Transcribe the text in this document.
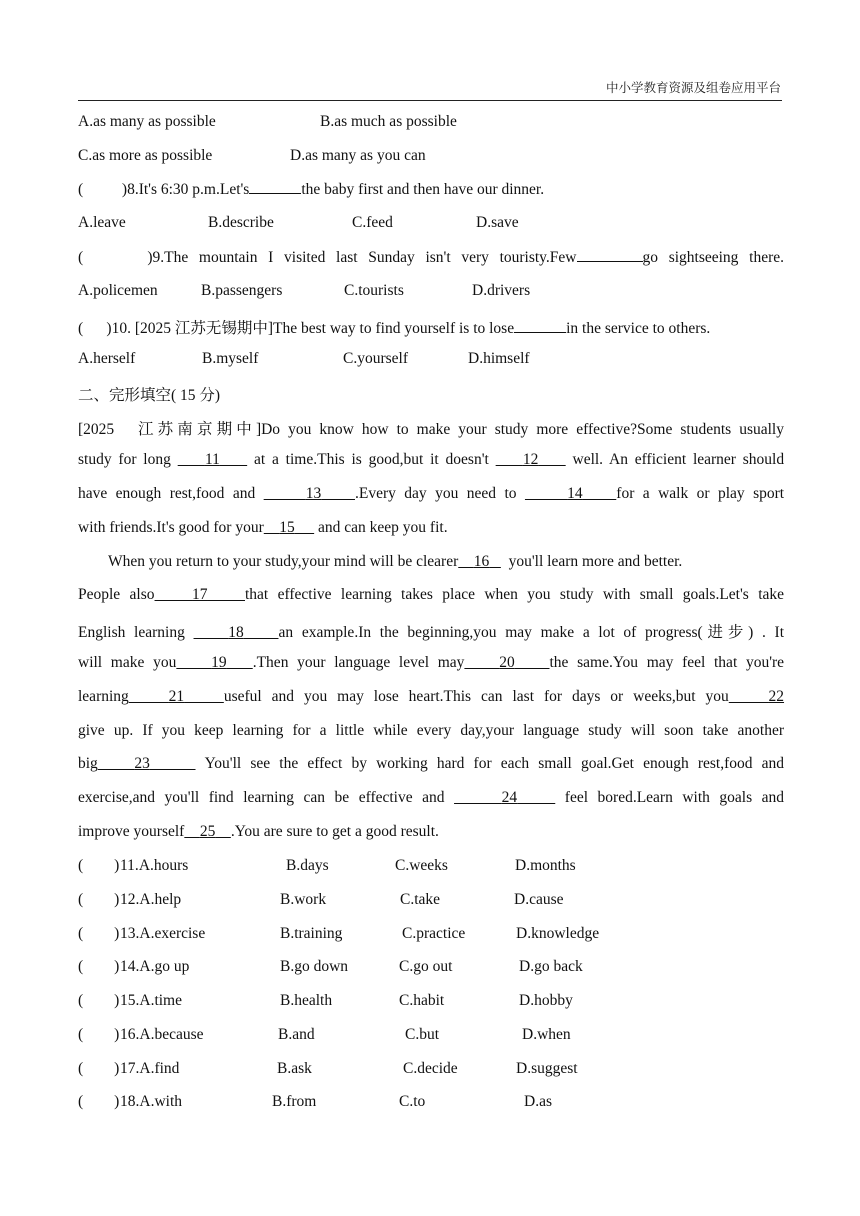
中小学教育资源及组卷应用平台
A.as many as possible	B.as much as possible
C.as more as possible	D.as many as you can
(          )8.It's 6:30 p.m.Let's	the baby first and then have our dinner.
A.leave	B.describe	C.feed	D.save
(      )9.The mountain I visited last Sunday isn't very touristy.Few	go sightseeing there.
A.policemen	B.passengers	C.tourists	D.drivers
(      )10. [2025 江苏无锡期中]The best way to find yourself is to lose	in the service to others.
A.herself	B.myself	C.yourself	D.himself
二、完形填空( 15 分)
[2025　江苏南京期中]Do you know how to make your study more effective?Some students usually
study for long 11 at a time.This is good,but it doesn't 12 well. An efficient learner should
have enough rest,food and	13 .Every day you need to	14 for a walk or play sport
with friends.It's good for your 15 and can keep you fit.
When you return to your study,your mind will be clearer 16 you'll learn more and better.
People also 17 that effective learning takes place when you study with small goals.Let's take
English learning	18 an example.In the beginning,you may make a lot of progress(进步) . It
will make you 19 .Then your language level may 20 the same.You may feel that you're
learning	21	useful and you may lose heart.This can last for days or weeks,but you	22
give up. If you keep learning for a little while every day,your language study will soon take another
big 23	You'll see the effect by working hard for each small goal.Get enough rest,food and
exercise,and you'll find learning can be effective and	24	feel bored.Learn with goals and
improve yourself 25 .You are sure to get a good result.
(        ) 11.A.hours	B.days	C.weeks	D.months
(        ) 12.A.help	B.work	C.take	D.cause
(        ) 13.A.exercise	B.training	C.practice	D.knowledge
(        ) 14.A.go up	B.go down	C.go out	D.go back
(        ) 15.A.time	B.health	C.habit	D.hobby
(        ) 16.A.because	B.and	C.but	D.when
(        ) 17.A.find	B.ask	C.decide	D.suggest
(        ) 18.A.with	B.from	C.to	D.as
